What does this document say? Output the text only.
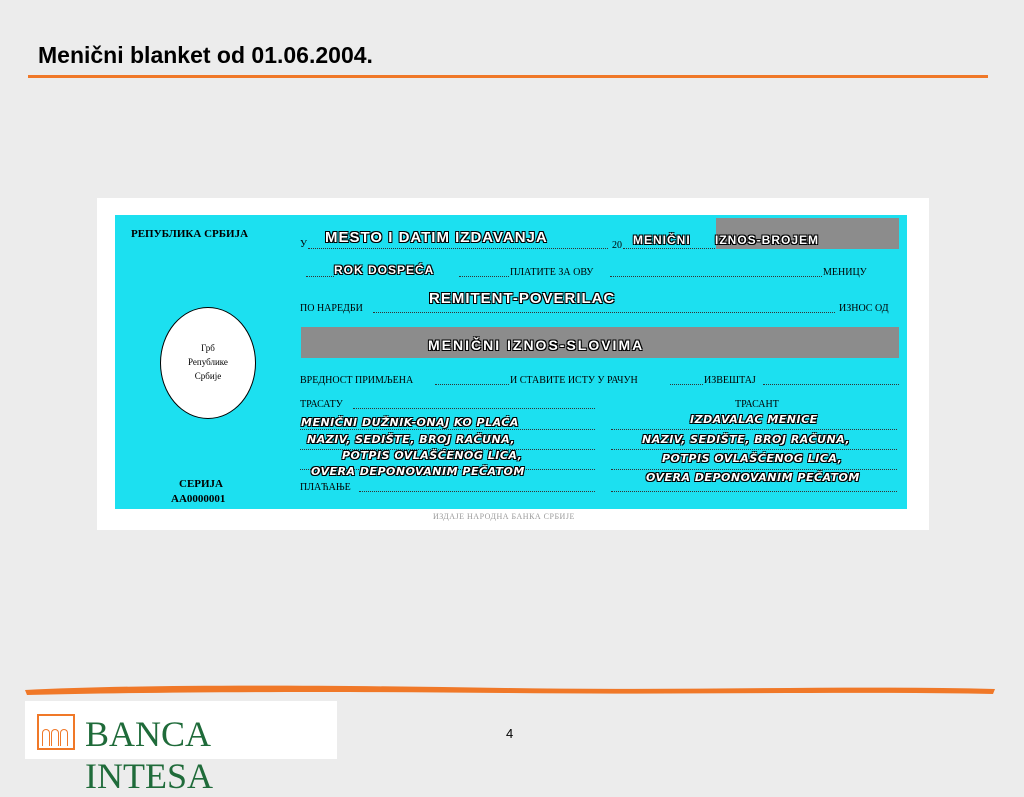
Menični blanket od 01.06.2004.
РЕПУБЛИКА СРБИЈА
Грб
Републике
Србије
СЕРИЈА
АА0000001
У	20
MESTO I DATIM IZDAVANJA	MENIČNI IZNOS-BROJEM
ROK DOSPEĆA	ПЛАТИТЕ ЗА ОВУ	МЕНИЦУ
ПО НАРЕДБИ
REMITENT-POVERILAC
ИЗНОС ОД
MENIČNI IZNOS-SLOVIMA
ВРЕДНОСТ ПРИМЉЕНА	И СТАВИТЕ ИСТУ У РАЧУН	ИЗВЕШТАЈ
ТРАСАТУ
ПЛАЋАЊЕ
MENIČNI DUŽNIK-ONAJ KO PLAĆA
NAZIV, SEDIŠTE, BROJ RAČUNA,
POTPIS OVLAŠĆENOG LICA,
OVERA DEPONOVANIM PEČATOM
ТРАСАНТ
IZDAVALAC MENICE
NAZIV, SEDIŠTE, BROJ RAČUNA,
POTPIS OVLAŠĆENOG LICA,
OVERA DEPONOVANIM PEČATOM
ИЗДАЈЕ НАРОДНА БАНКА СРБИЈЕ
BANCA INTESA
4
